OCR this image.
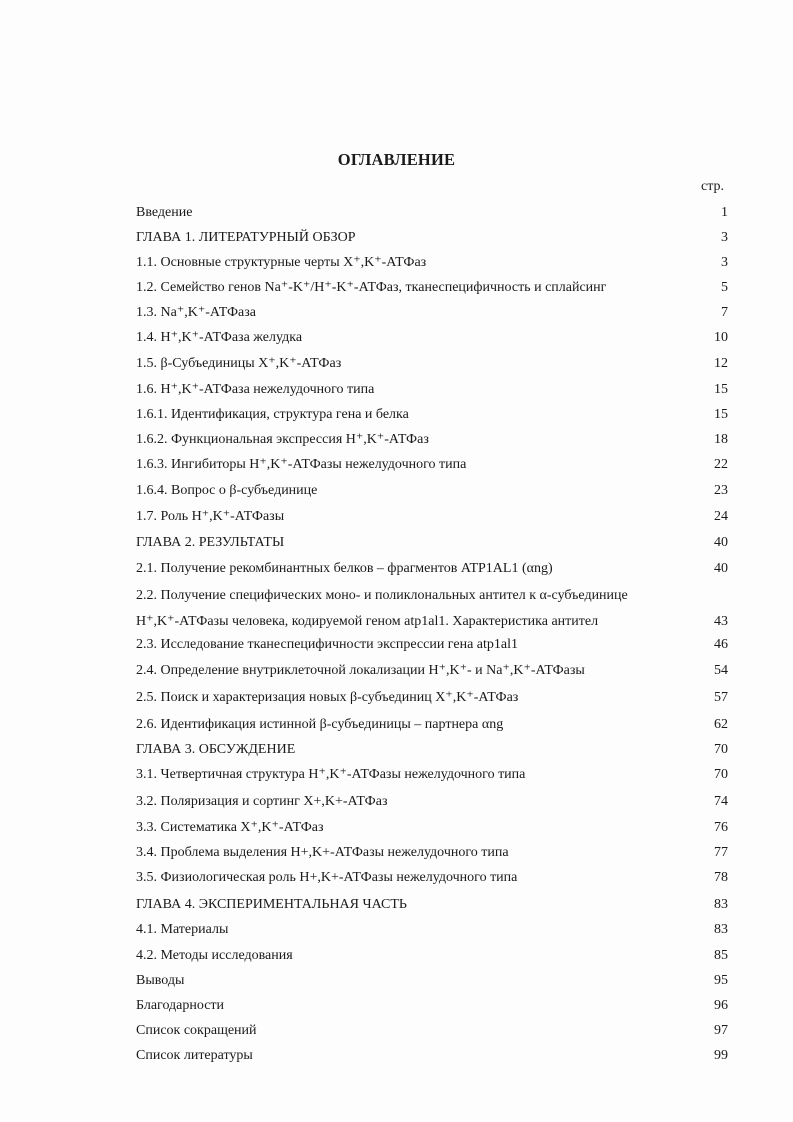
ОГЛАВЛЕНИЕ
стр.
Введение	1
ГЛАВА 1. ЛИТЕРАТУРНЫЙ ОБЗОР	3
1.1. Основные структурные черты X⁺,K⁺-АТФаз	3
1.2. Семейство генов Na⁺-K⁺/H⁺-K⁺-АТФаз, тканеспецифичность и сплайсинг	5
1.3. Na⁺,K⁺-АТФаза	7
1.4. H⁺,K⁺-АТФаза желудка	10
1.5. β-Субъединицы X⁺,K⁺-АТФаз	12
1.6. H⁺,K⁺-АТФаза нежелудочного типа	15
1.6.1. Идентификация, структура гена и белка	15
1.6.2. Функциональная экспрессия H⁺,K⁺-АТФаз	18
1.6.3. Ингибиторы H⁺,K⁺-АТФазы нежелудочного типа	22
1.6.4. Вопрос о β-субъединице	23
1.7. Роль H⁺,K⁺-АТФазы	24
ГЛАВА 2. РЕЗУЛЬТАТЫ	40
2.1. Получение рекомбинантных белков – фрагментов ATP1AL1 (αng)	40
2.2. Получение специфических моно- и поликлональных антител к α-субъединице
H⁺,K⁺-АТФазы человека, кодируемой геном atp1al1. Характеристика антител	43
2.3. Исследование тканеспецифичности экспрессии гена atp1al1	46
2.4. Определение внутриклеточной локализации H⁺,K⁺- и Na⁺,K⁺-АТФазы	54
2.5. Поиск и характеризация новых β-субъединиц X⁺,K⁺-АТФаз	57
2.6. Идентификация истинной β-субъединицы – партнера αng	62
ГЛАВА 3. ОБСУЖДЕНИЕ	70
3.1. Четвертичная структура H⁺,K⁺-АТФазы нежелудочного типа	70
3.2. Поляризация и сортинг X+,K+-АТФаз	74
3.3. Систематика X⁺,K⁺-АТФаз	76
3.4. Проблема выделения H+,K+-АТФазы нежелудочного типа	77
3.5. Физиологическая роль H+,K+-АТФазы нежелудочного типа	78
ГЛАВА 4. ЭКСПЕРИМЕНТАЛЬНАЯ ЧАСТЬ	83
4.1. Материалы	83
4.2. Методы исследования	85
Выводы	95
Благодарности	96
Список сокращений	97
Список литературы	99
